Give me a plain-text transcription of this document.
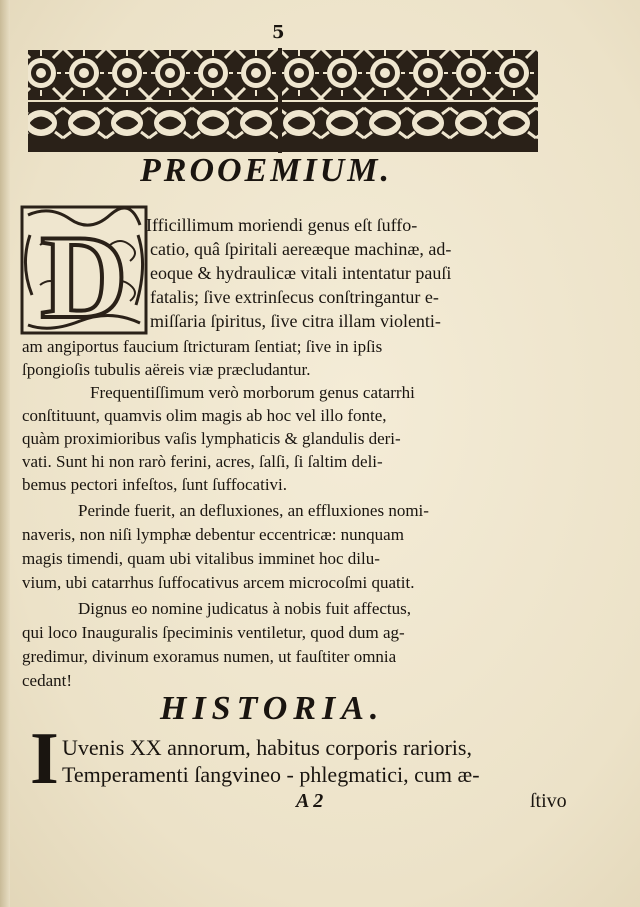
5
PROOEMIUM.
D Ifficillimum moriendi genus eſt ſuffo-
catio, quâ ſpiritali aereæque machinæ, ad-
eoque & hydraulicæ vitali intentatur pauſi
fatalis; ſive extrinſecus conſtringantur e-
miſſaria ſpiritus, ſive citra illam violenti-
am angiportus faucium ſtricturam ſentiat; ſive in ipſis
ſpongioſis tubulis aëreis viæ præcludantur.
Frequentiſſimum verò morborum genus catarrhi
conſtituunt, quamvis olim magis ab hoc vel illo fonte,
quàm proximioribus vaſis lymphaticis & glandulis deri-
vati. Sunt hi non rarò ferini, acres, ſalſi, ſi ſaltim deli-
bemus pectori infeſtos, ſunt ſuffocativi.
Perinde fuerit, an defluxiones, an effluxiones nomi-
naveris, non niſi lymphæ debentur eccentricæ: nunquam
magis timendi, quam ubi vitalibus imminet hoc dilu-
vium, ubi catarrhus ſuffocativus arcem microcoſmi quatit.
Dignus eo nomine judicatus à nobis fuit affectus,
qui loco Inauguralis ſpeciminis ventiletur, quod dum ag-
gredimur, divinum exoramus numen, ut fauſtiter omnia
cedant!
HISTORIA.
I Uvenis XX annorum, habitus corporis rarioris,
Temperamenti ſangvineo - phlegmatici, cum æ-
A 2	ſtivo
